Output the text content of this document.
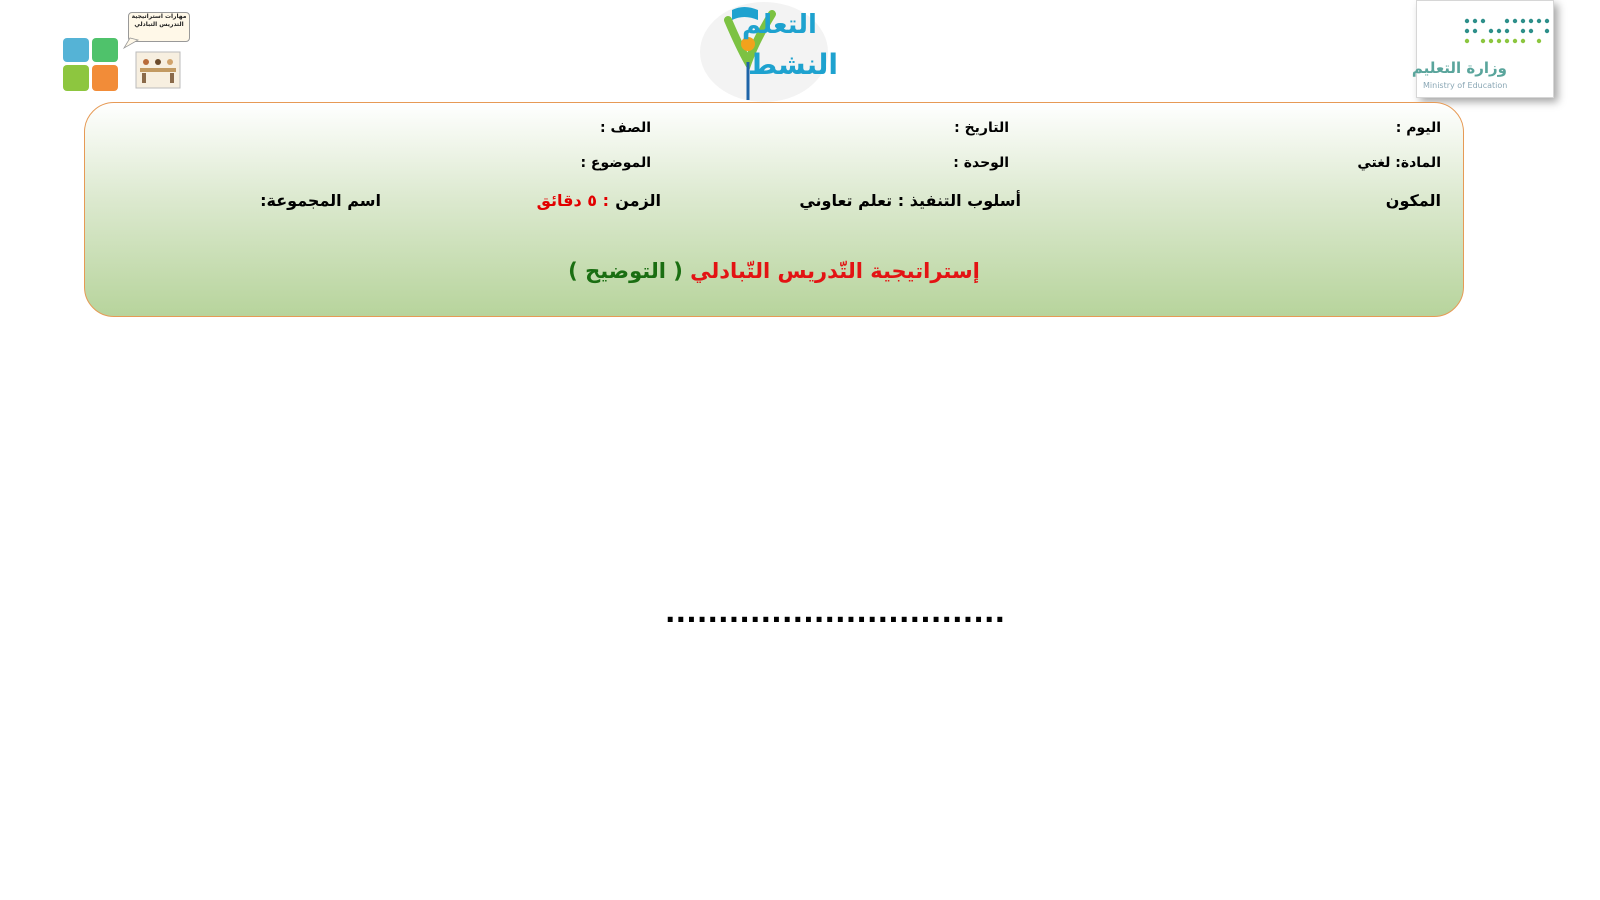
مهارات استراتيجية التدريس التبادلي	التعلم
النشط	وزارة التعليم
Ministry of Education
اليوم :
التاريخ :
الصف :
المادة: لغتي
الوحدة :
الموضوع :
المكون
أسلوب التنفيذ : تعلم تعاوني
الزمن
: ٥ دقائق
اسم المجموعة:
إستراتيجية التّدريس التّبادلي ( التوضيح )
................................
